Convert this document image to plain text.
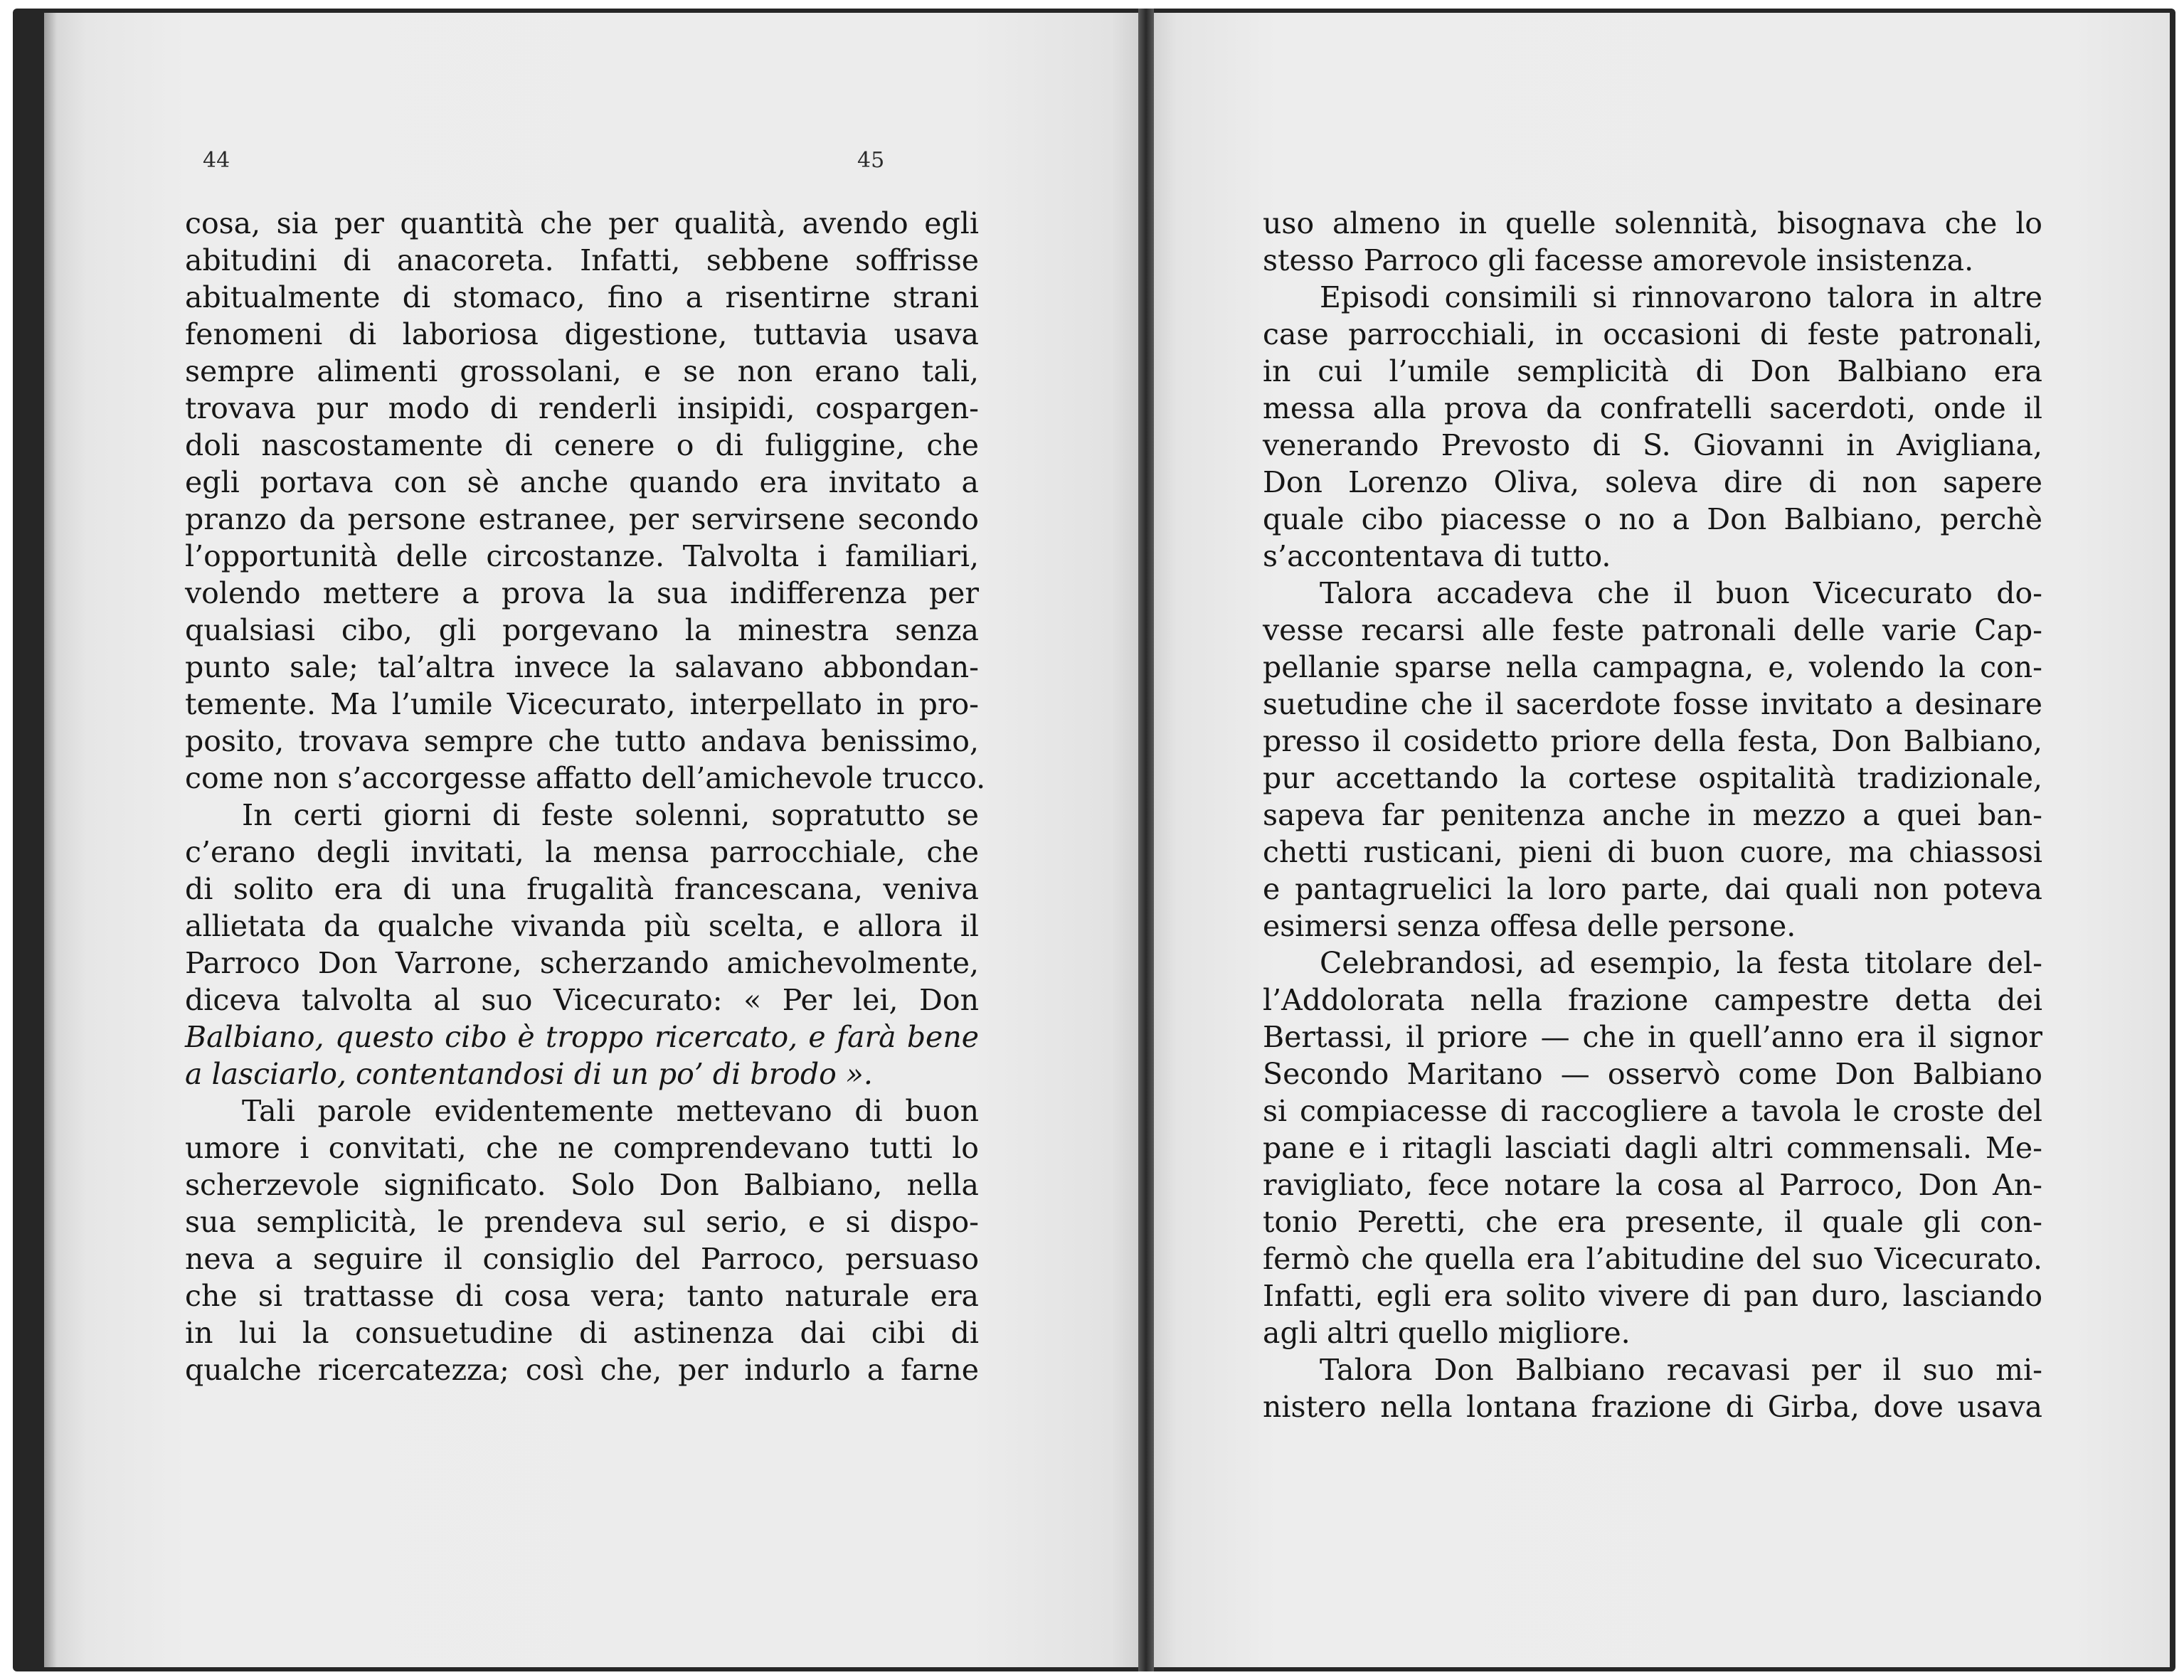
44	45

cosa, sia per quantità che per qualità, avendo egli
abitudini di anacoreta. Infatti, sebbene soffrisse
abitualmente di stomaco, fino a risentirne strani
fenomeni di laboriosa digestione, tuttavia usava
sempre alimenti grossolani, e se non erano tali,
trovava pur modo di renderli insipidi, cospargen-
doli nascostamente di cenere o di fuliggine, che
egli portava con sè anche quando era invitato a
pranzo da persone estranee, per servirsene secondo
l’opportunità delle circostanze. Talvolta i familiari,
volendo mettere a prova la sua indifferenza per
qualsiasi cibo, gli porgevano la minestra senza
punto sale; tal’altra invece la salavano abbondan-
temente. Ma l’umile Vicecurato, interpellato in pro-
posito, trovava sempre che tutto andava benissimo,
come non s’accorgesse affatto dell’amichevole trucco.
In certi giorni di feste solenni, sopratutto se
c’erano degli invitati, la mensa parrocchiale, che
di solito era di una frugalità francescana, veniva
allietata da qualche vivanda più scelta, e allora il
Parroco Don Varrone, scherzando amichevolmente,
diceva talvolta al suo Vicecurato: « Per lei, Don
Balbiano, questo cibo è troppo ricercato, e farà bene
a lasciarlo, contentandosi di un po’ di brodo ».
Tali parole evidentemente mettevano di buon
umore i convitati, che ne comprendevano tutti lo
scherzevole significato. Solo Don Balbiano, nella
sua semplicità, le prendeva sul serio, e si dispo-
neva a seguire il consiglio del Parroco, persuaso
che si trattasse di cosa vera; tanto naturale era
in lui la consuetudine di astinenza dai cibi di
qualche ricercatezza; così che, per indurlo a farne
uso almeno in quelle solennità, bisognava che lo
stesso Parroco gli facesse amorevole insistenza.
Episodi consimili si rinnovarono talora in altre
case parrocchiali, in occasioni di feste patronali,
in cui l’umile semplicità di Don Balbiano era
messa alla prova da confratelli sacerdoti, onde il
venerando Prevosto di S. Giovanni in Avigliana,
Don Lorenzo Oliva, soleva dire di non sapere
quale cibo piacesse o no a Don Balbiano, perchè
s’accontentava di tutto.
Talora accadeva che il buon Vicecurato do-
vesse recarsi alle feste patronali delle varie Cap-
pellanie sparse nella campagna, e, volendo la con-
suetudine che il sacerdote fosse invitato a desinare
presso il cosidetto priore della festa, Don Balbiano,
pur accettando la cortese ospitalità tradizionale,
sapeva far penitenza anche in mezzo a quei ban-
chetti rusticani, pieni di buon cuore, ma chiassosi
e pantagruelici la loro parte, dai quali non poteva
esimersi senza offesa delle persone.
Celebrandosi, ad esempio, la festa titolare del-
l’Addolorata nella frazione campestre detta dei
Bertassi, il priore — che in quell’anno era il signor
Secondo Maritano — osservò come Don Balbiano
si compiacesse di raccogliere a tavola le croste del
pane e i ritagli lasciati dagli altri commensali. Me-
ravigliato, fece notare la cosa al Parroco, Don An-
tonio Peretti, che era presente, il quale gli con-
fermò che quella era l’abitudine del suo Vicecurato.
Infatti, egli era solito vivere di pan duro, lasciando
agli altri quello migliore.
Talora Don Balbiano recavasi per il suo mi-
nistero nella lontana frazione di Girba, dove usava
